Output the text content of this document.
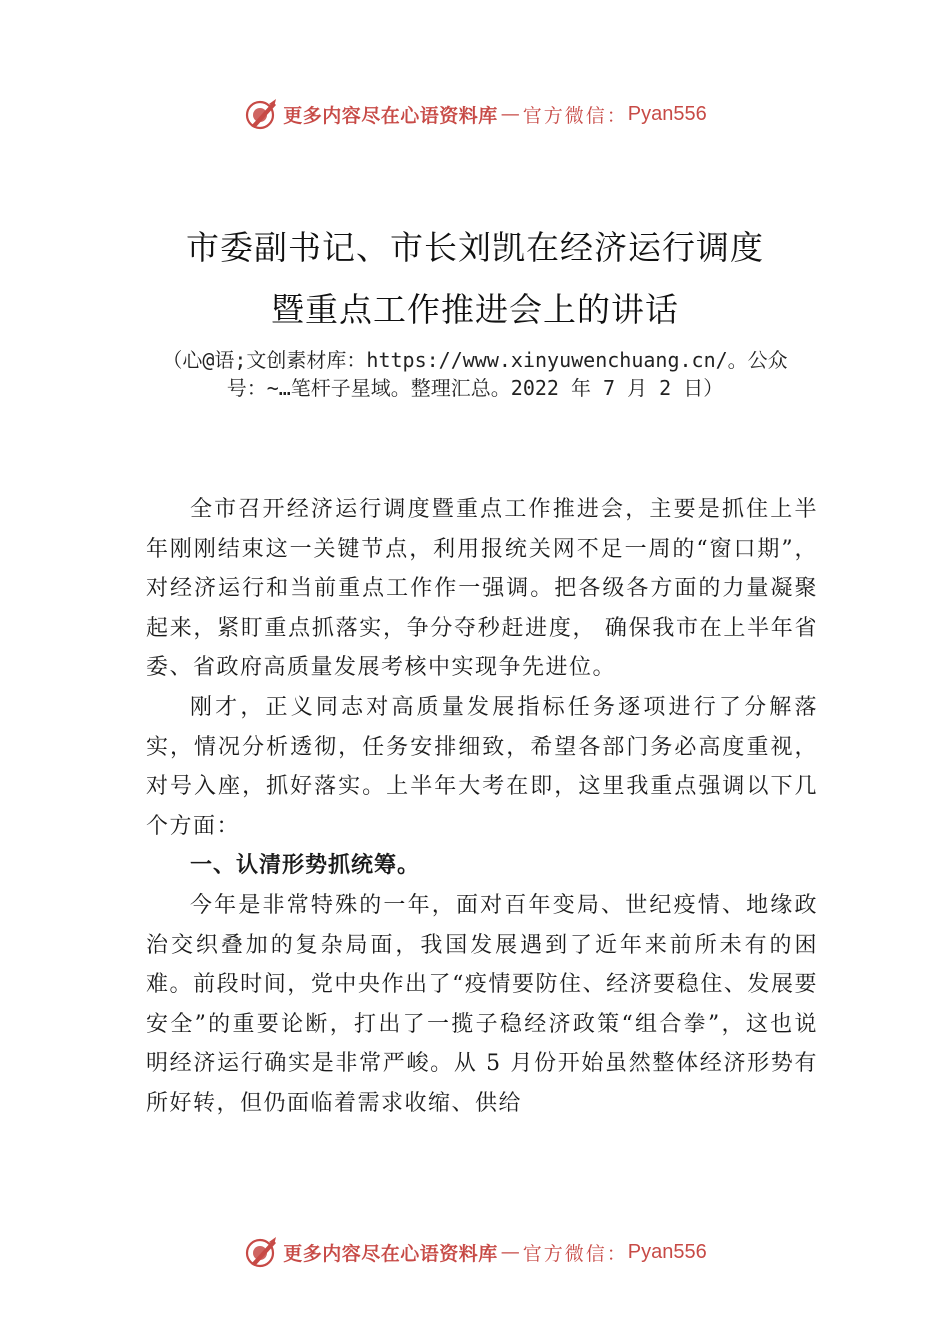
更多内容尽在心语资料库 — 官方微信： Pyan556
市委副书记、市长刘凯在经济运行调度
暨重点工作推进会上的讲话
（心@语;文创素材库：https://www.xinyuwenchuang.cn/。公众号：~…笔杆子星域。整理汇总。2022 年 7 月 2 日）

全市召开经济运行调度暨重点工作推进会，主要是抓住上半年刚刚结束这一关键节点，利用报统关网不足一周的“窗口期”，对经济运行和当前重点工作作一强调。把各级各方面的力量凝聚起来，紧盯重点抓落实，争分夺秒赶进度， 确保我市在上半年省委、省政府高质量发展考核中实现争先进位。

刚才，正义同志对高质量发展指标任务逐项进行了分解落实，情况分析透彻，任务安排细致，希望各部门务必高度重视，对号入座，抓好落实。上半年大考在即，这里我重点强调以下几个方面：

一、认清形势抓统筹。

今年是非常特殊的一年，面对百年变局、世纪疫情、地缘政治交织叠加的复杂局面，我国发展遇到了近年来前所未有的困难。前段时间，党中央作出了“疫情要防住、经济要稳住、发展要安全”的重要论断，打出了一揽子稳经济政策“组合拳”，这也说明经济运行确实是非常严峻。从 5 月份开始虽然整体经济形势有所好转，但仍面临着需求收缩、供给

更多内容尽在心语资料库 — 官方微信： Pyan556
